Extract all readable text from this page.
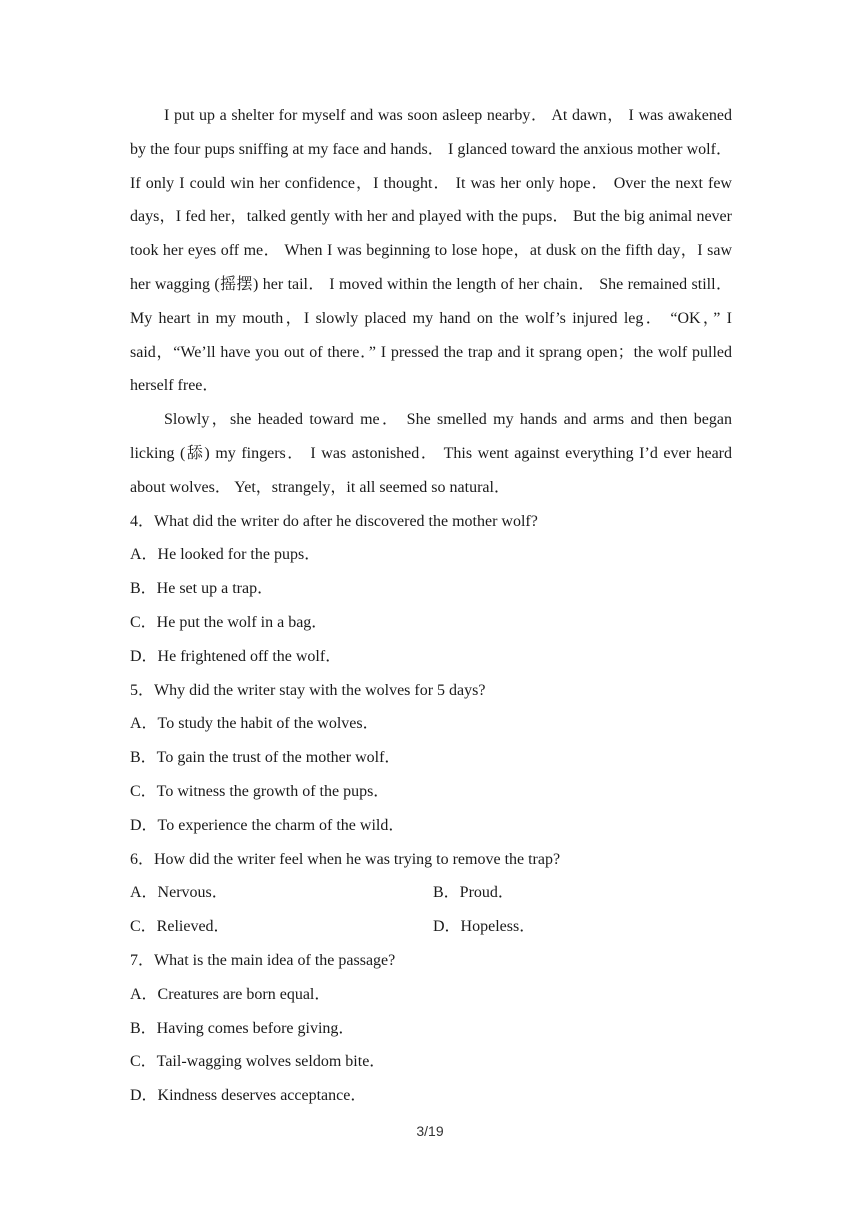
I put up a shelter for myself and was soon asleep nearby． At dawn， I was awakened by the four pups sniffing at my face and hands． I glanced toward the anxious mother wolf． If only I could win her confidence，I thought． It was her only hope． Over the next few days，I fed her，talked gently with her and played with the pups． But the big animal never took her eyes off me． When I was beginning to lose hope，at dusk on the fifth day，I saw her wagging (摇摆) her tail． I moved within the length of her chain． She remained still． My heart in my mouth，I slowly placed my hand on the wolf’s injured leg． “OK，” I said，“We’ll have you out of there．” I pressed the trap and it sprang open；the wolf pulled herself free．

Slowly，she headed toward me． She smelled my hands and arms and then began licking (舔) my fingers． I was astonished． This went against everything I’d ever heard about wolves． Yet，strangely，it all seemed so natural．

4．What did the writer do after he discovered the mother wolf?

A．He looked for the pups．

B．He set up a trap．

C．He put the wolf in a bag．

D．He frightened off the wolf．

5．Why did the writer stay with the wolves for 5 days?

A．To study the habit of the wolves．

B．To gain the trust of the mother wolf．

C．To witness the growth of the pups．

D．To experience the charm of the wild．

6．How did the writer feel when he was trying to remove the trap?

A．Nervous．	B．Proud．
C．Relieved．	D．Hopeless．

7．What is the main idea of the passage?

A．Creatures are born equal．

B．Having comes before giving．

C．Tail-wagging wolves seldom bite．

D．Kindness deserves acceptance．

3/19
